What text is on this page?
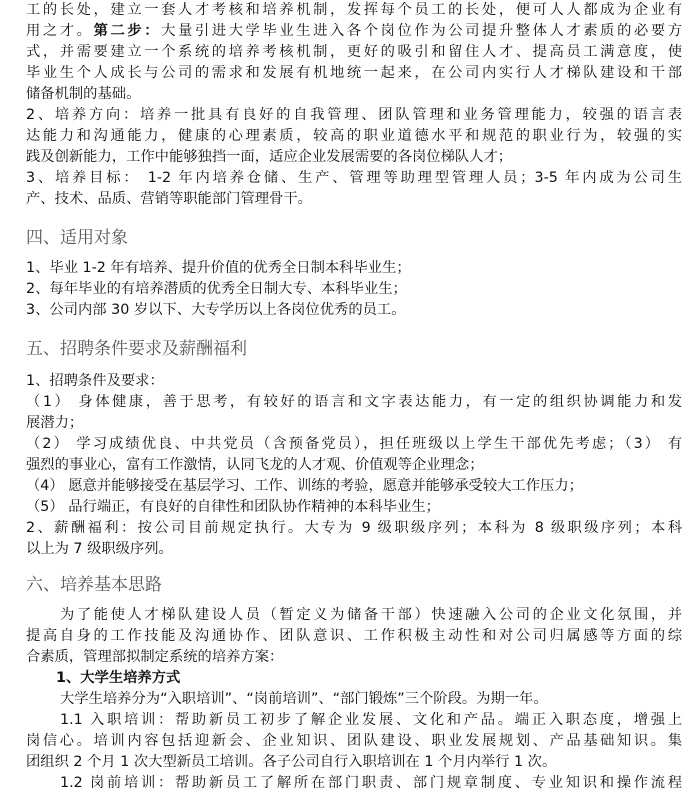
工的长处，建立一套人才考核和培养机制，发挥每个员工的长处，便可人人都成为企业有
用之才。第二步：大量引进大学毕业生进入各个岗位作为公司提升整体人才素质的必要方
式，并需要建立一个系统的培养考核机制，更好的吸引和留住人才、提高员工满意度，使
毕业生个人成长与公司的需求和发展有机地统一起来，在公司内实行人才梯队建设和干部
储备机制的基础。
2、培养方向：培养一批具有良好的自我管理、团队管理和业务管理能力，较强的语言表
达能力和沟通能力，健康的心理素质，较高的职业道德水平和规范的职业行为，较强的实
践及创新能力，工作中能够独挡一面，适应企业发展需要的各岗位梯队人才；
3、培养目标： 1-2 年内培养仓储、生产、管理等助理型管理人员；3-5 年内成为公司生
产、技术、品质、营销等职能部门管理骨干。
四、适用对象
1、毕业 1-2 年有培养、提升价值的优秀全日制本科毕业生；
2、每年毕业的有培养潜质的优秀全日制大专、本科毕业生；
3、公司内部 30 岁以下、大专学历以上各岗位优秀的员工。
五、招聘条件要求及薪酬福利
1、招聘条件及要求：
（1） 身体健康，善于思考，有较好的语言和文字表达能力，有一定的组织协调能力和发
展潜力；
（2） 学习成绩优良、中共党员（含预备党员），担任班级以上学生干部优先考虑；（3） 有
强烈的事业心，富有工作激情，认同飞龙的人才观、价值观等企业理念；
（4） 愿意并能够接受在基层学习、工作、训练的考验，愿意并能够承受较大工作压力；
（5） 品行端正，有良好的自律性和团队协作精神的本科毕业生；
2、薪酬福利：按公司目前规定执行。大专为 9 级职级序列；本科为 8 级职级序列；本科
以上为 7 级职级序列。
六、培养基本思路
为了能使人才梯队建设人员（暂定义为储备干部）快速融入公司的企业文化氛围，并
提高自身的工作技能及沟通协作、团队意识、工作积极主动性和对公司归属感等方面的综
合素质，管理部拟制定系统的培养方案：
1、大学生培养方式
大学生培养分为“入职培训”、“岗前培训”、“部门锻炼”三个阶段。为期一年。
1.1 入职培训：帮助新员工初步了解企业发展、文化和产品。端正入职态度，增强上
岗信心。培训内容包括迎新会、企业知识、团队建设、职业发展规划、产品基础知识。集
团组织 2 个月 1 次大型新员工培训。各子公司自行入职培训在 1 个月内举行 1 次。
1.2 岗前培训：帮助新员工了解所在部门职责、部门规章制度、专业知识和操作流程
